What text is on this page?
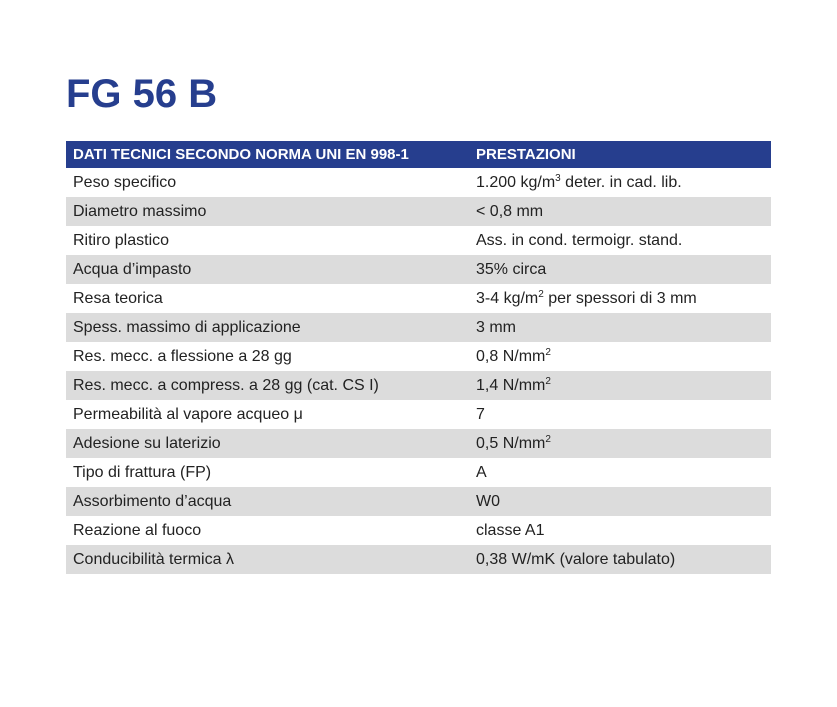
FG 56 B
DATI TECNICI SECONDO NORMA UNI EN 998-1	PRESTAZIONI
Peso specifico	1.200 $kg/m^3$ deter. in cad. lib.
Diametro massimo	< 0,8 mm
Ritiro plastico	Ass. in cond. termoigr. stand.
Acqua d’impasto	35% circa
Resa teorica	3-4 $kg/m^2$ per spessori di 3 mm
Spess. massimo di applicazione	3 mm
Res. mecc. a flessione a 28 gg	0,8 $N/mm^2$
Res. mecc. a compress. a 28 gg (cat. CS I)	1,4 $N/mm^2$
Permeabilità al vapore acqueo μ	7
Adesione su laterizio	0,5 $N/mm^2$
Tipo di frattura (FP)	A
Assorbimento d’acqua	W0
Reazione al fuoco	classe A1
Conducibilità termica λ	0,38 W/mK (valore tabulato)
